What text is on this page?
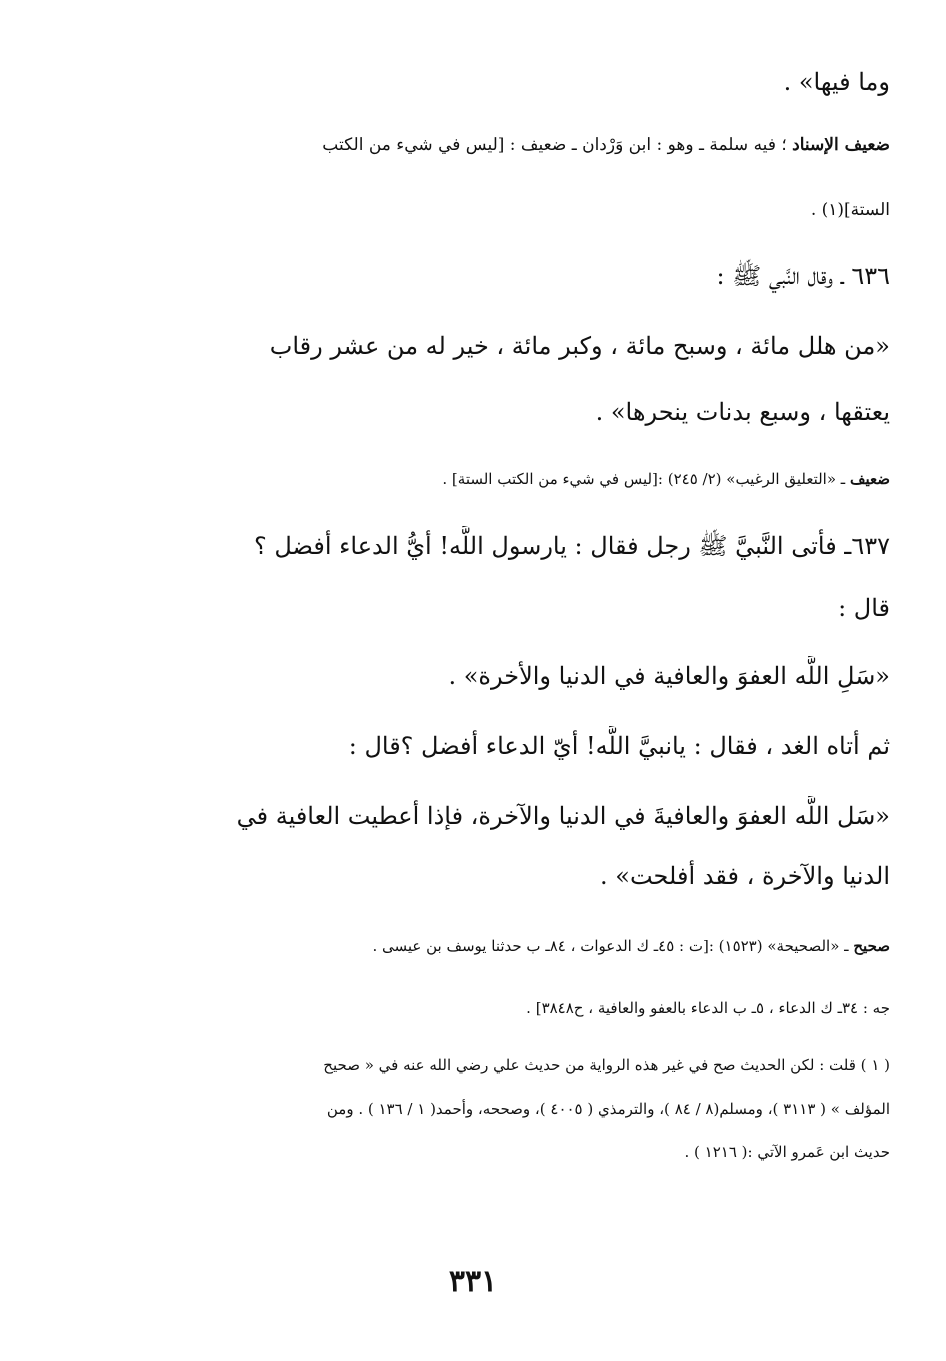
وما فيها» .
ضعيف الإسناد ؛ فيه سلمة ـ وهو : ابن وَرْدان ـ ضعيف : [ليس في شيء من الكتب
الستة](١) .
٦٣٦ ـ وقال النَّبي ﷺ :
«من هلل مائة ، وسبح مائة ، وكبر مائة ، خير له من عشر رقاب
يعتقها ، وسبع بدنات ينحرها» .
ضعيف ـ «التعليق الرغيب» (٢/ ٢٤٥) :[ليس في شيء من الكتب الستة] .
٦٣٧ـ فأتى النَّبيَّ ﷺ رجل فقال : يارسول اللَّه! أيُّ الدعاء أفضل ؟
قال :
«سَلِ اللَّه العفوَ والعافية في الدنيا والأخرة» .
ثم أتاه الغد ، فقال : يانبيَّ اللَّه! أيّ الدعاء أفضل ؟قال :
«سَل اللَّه العفوَ والعافيةَ في الدنيا والآخرة، فإذا أعطيت العافية في
الدنيا والآخرة ، فقد أفلحت» .
صحيح ـ «الصحيحة» (١٥٢٣) :[ت : ٤٥ـ ك الدعوات ، ٨٤ـ ب حدثنا يوسف بن عيسى .
جه : ٣٤ـ ك الدعاء ، ٥ـ ب الدعاء بالعفو والعافية ، ح٣٨٤٨] .
( ١ ) قلت : لكن الحديث صح في غير هذه الرواية من حديث علي رضي الله عنه في « صحيح
المؤلف » ( ٣١١٣ )، ومسلم(٨ / ٨٤ )، والترمذي ( ٤٠٠٥ )، وصححه، وأحمد( ١ / ١٣٦ ) . ومن
حديث ابن عَمرو الآتي :( ١٢١٦ ) .
٣٣١
